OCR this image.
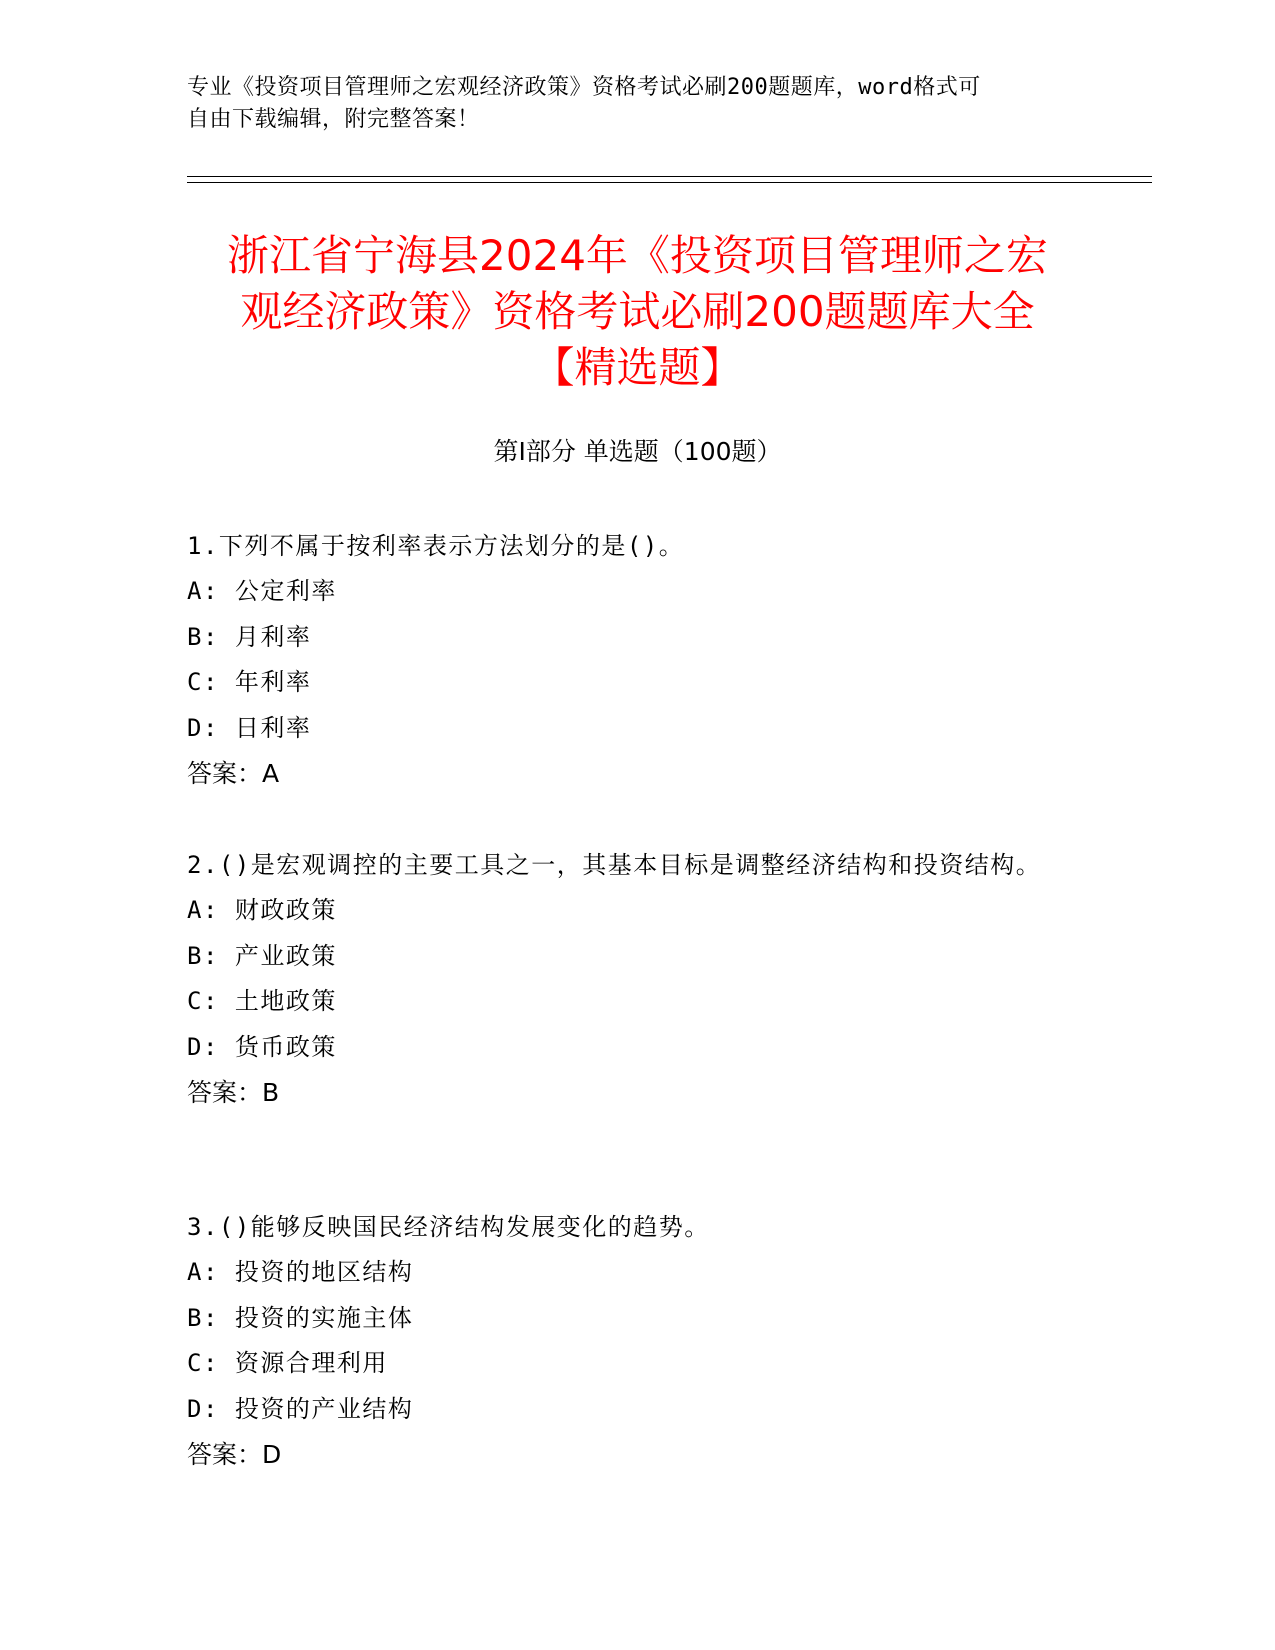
专业《投资项目管理师之宏观经济政策》资格考试必刷200题题库，word格式可
自由下载编辑，附完整答案！
浙江省宁海县2024年《投资项目管理师之宏
观经济政策》资格考试必刷200题题库大全
【精选题】
第Ⅰ部分 单选题（100题）

1.下列不属于按利率表示方法划分的是()。

A: 公定利率

B: 月利率

C: 年利率

D: 日利率

答案：A

2.()是宏观调控的主要工具之一，其基本目标是调整经济结构和投资结构。

A: 财政政策

B: 产业政策

C: 土地政策

D: 货币政策

答案：B

3.()能够反映国民经济结构发展变化的趋势。

A: 投资的地区结构

B: 投资的实施主体

C: 资源合理利用

D: 投资的产业结构

答案：D
